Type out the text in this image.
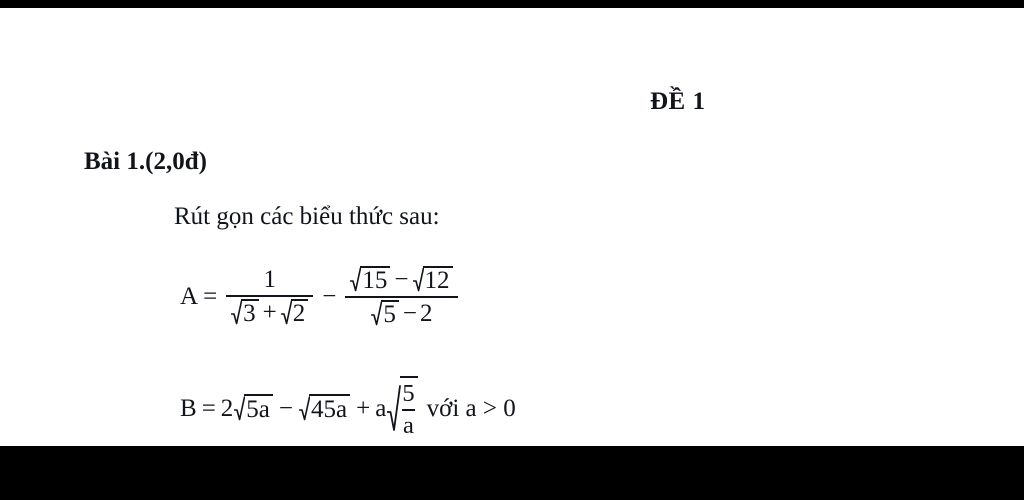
ĐỀ 1
Bài 1.(2,0đ)
Rút gọn các biểu thức sau:
A =
1
3 + 2
−
15 − 12
5 − 2
B = 2 5a − 45a + a $\frac{5}{a}$ với a > 0
